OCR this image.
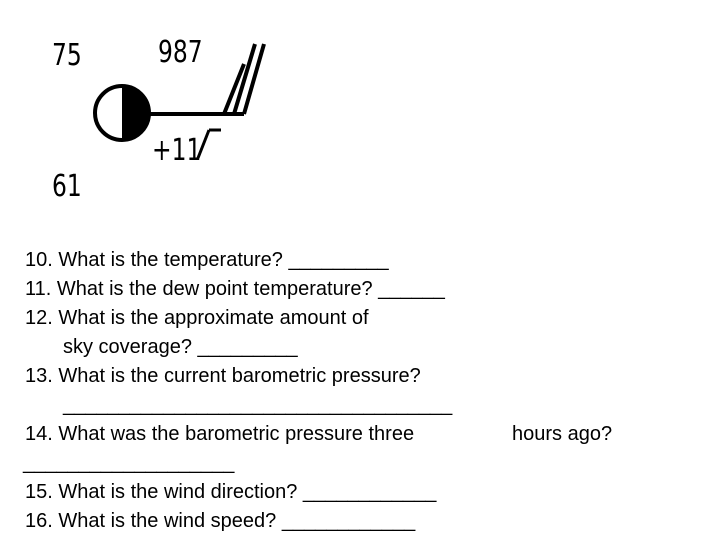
75
61
987
+11
10. What is the temperature? _________
11. What is the dew point temperature? ______
12. What is the approximate amount of
sky coverage? _________
13. What is the current barometric pressure?
___________________________________
14. What was the barometric pressure three	hours ago?
___________________
15. What is the wind direction? ____________
16. What is the wind speed? ____________
